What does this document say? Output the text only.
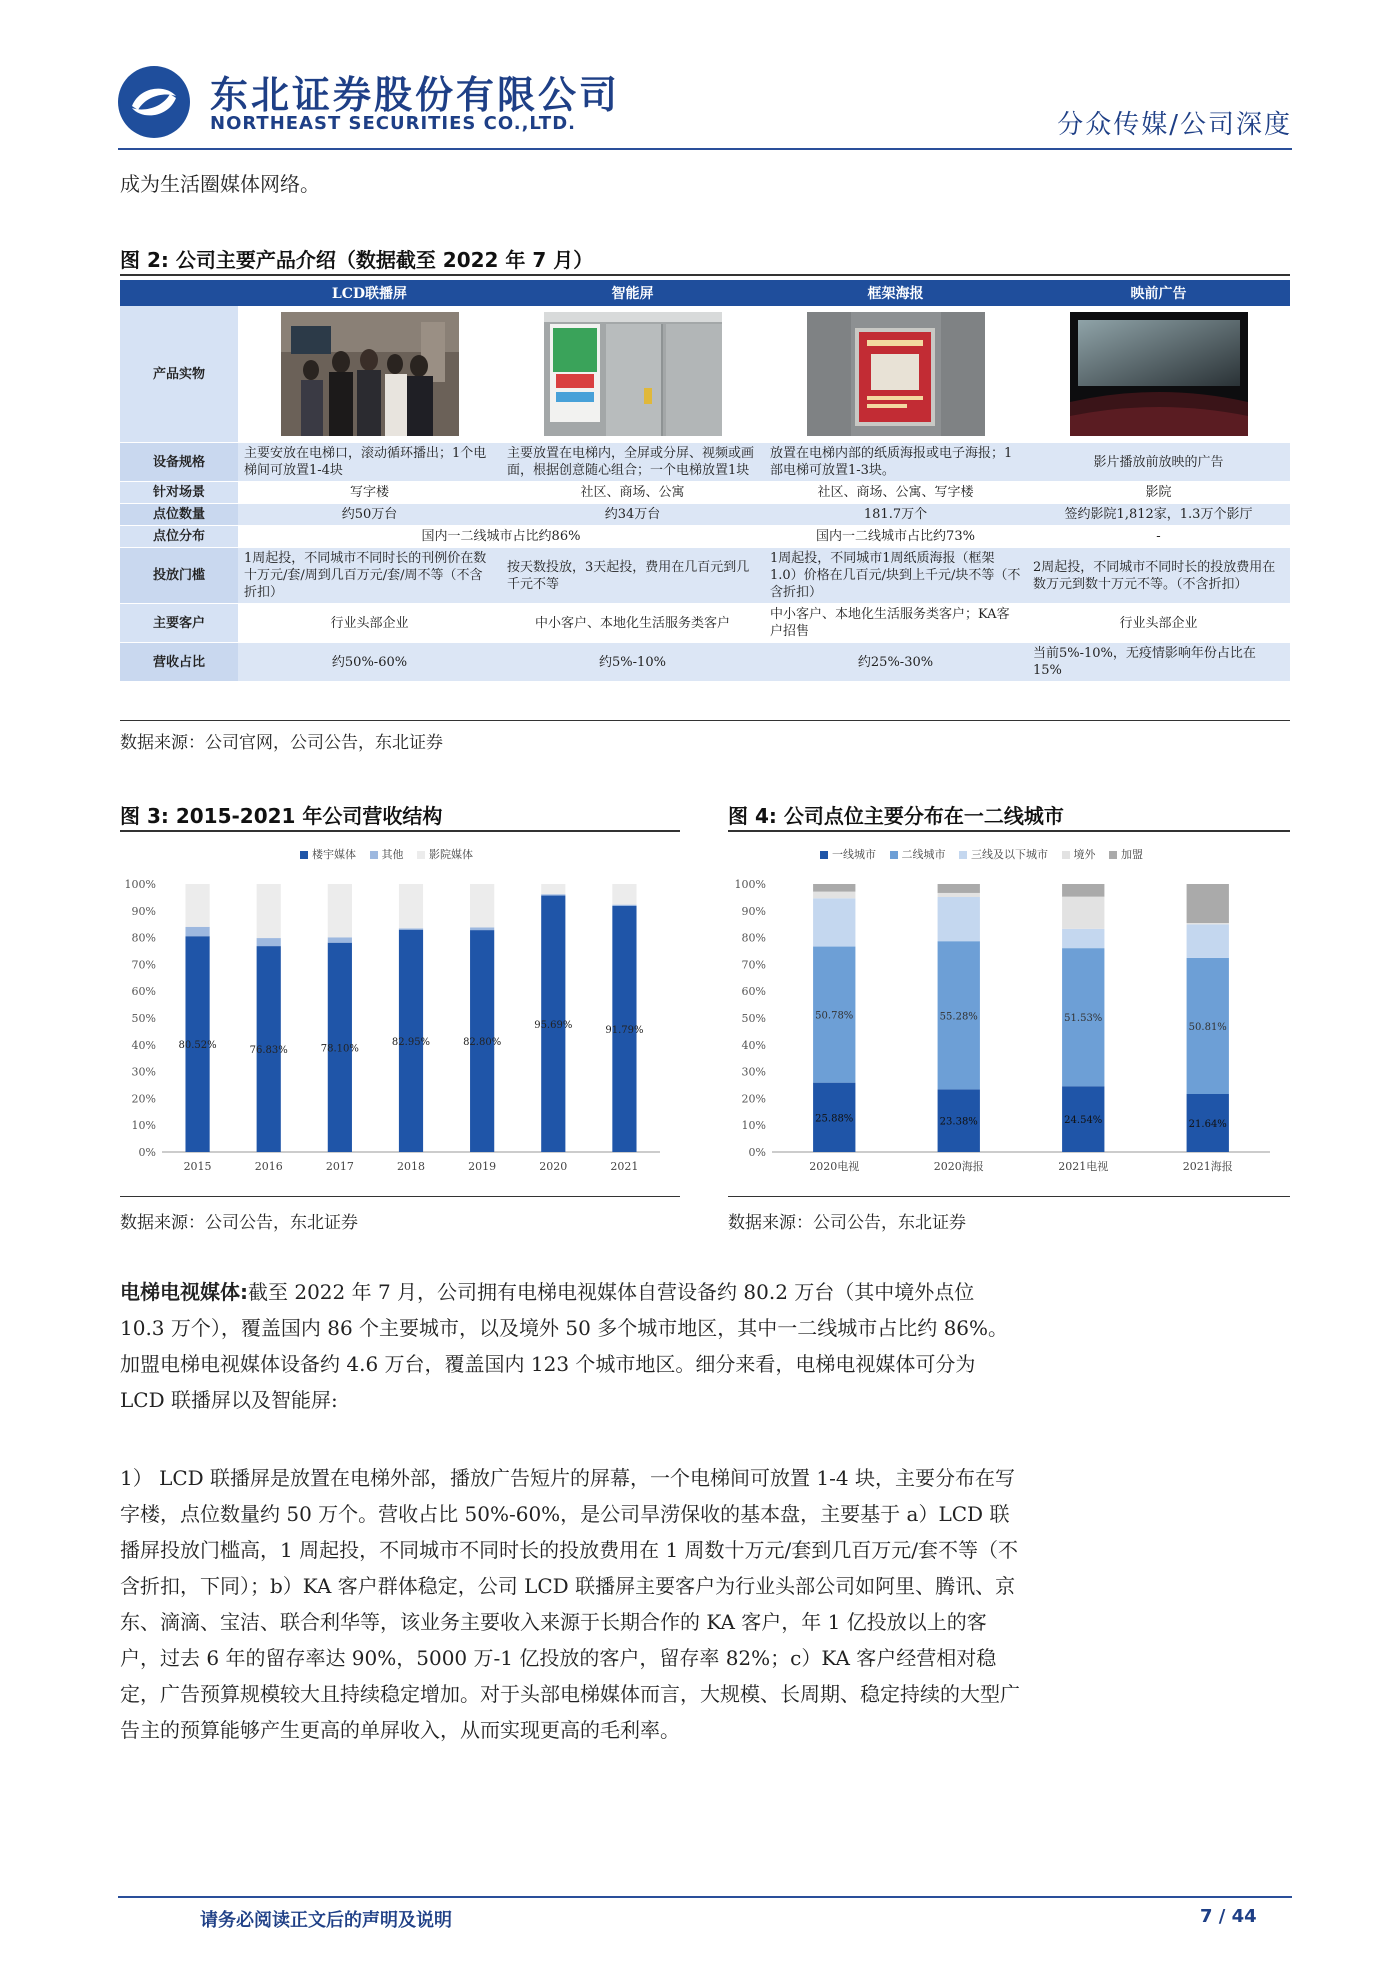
东北证券股份有限公司
NORTHEAST SECURITIES CO.,LTD.	分众传媒/公司深度
成为生活圈媒体网络。
图 2: 公司主要产品介绍（数据截至 2022 年 7 月）
	LCD联播屏	智能屏	框架海报	映前广告
产品实物	

设备规格	主要安放在电梯口，滚动循环播出；1个电梯间可放置1-4块	主要放置在电梯内，全屏或分屏、视频或画面，根据创意随心组合；一个电梯放置1块	放置在电梯内部的纸质海报或电子海报；1部电梯可放置1-3块。	影片播放前放映的广告
针对场景	写字楼	社区、商场、公寓	社区、商场、公寓、写字楼	影院
点位数量	约50万台	约34万台	181.7万个	签约影院1,812家，1.3万个影厅
点位分布	国内一二线城市占比约86%		国内一二线城市占比约73%	-
投放门槛	1周起投，不同城市不同时长的刊例价在数十万元/套/周到几百万元/套/周不等（不含折扣）	按天数投放，3天起投，费用在几百元到几千元不等	1周起投，不同城市1周纸质海报（框架1.0）价格在几百元/块到上千元/块不等（不含折扣）	2周起投，不同城市不同时长的投放费用在数万元到数十万元不等。（不含折扣）
主要客户	行业头部企业	中小客户、本地化生活服务类客户	中小客户、本地化生活服务类客户；KA客户招售	行业头部企业
营收占比	约50%-60%	约5%-10%	约25%-30%	当前5%-10%，无疫情影响年份占比在15%
数据来源：公司官网，公司公告，东北证券
图 3: 2015-2021 年公司营收结构
楼宇媒体 其他 影院媒体
0%
10%
20%
30%
40%
50%
60%
70%
80%
90%
100%
2015
80.52%
2016
76.83%
2017
78.10%
2018
82.95%
2019
82.80%
2020
95.69%
2021
91.79%
数据来源：公司公告，东北证券
图 4: 公司点位主要分布在一二线城市
一线城市 二线城市 三线及以下城市 境外 加盟
0%
10%
20%
30%
40%
50%
60%
70%
80%
90%
100%
2020电视
25.88%
50.78%
2020海报
23.38%
55.28%
2021电视
24.54%
51.53%
2021海报
21.64%
50.81%
数据来源：公司公告，东北证券
电梯电视媒体:截至 2022 年 7 月，公司拥有电梯电视媒体自营设备约 80.2 万台（其中境外点位 10.3 万个），覆盖国内 86 个主要城市，以及境外 50 多个城市地区，其中一二线城市占比约 86%。加盟电梯电视媒体设备约 4.6 万台，覆盖国内 123 个城市地区。细分来看，电梯电视媒体可分为 LCD 联播屏以及智能屏:
1） LCD 联播屏是放置在电梯外部，播放广告短片的屏幕，一个电梯间可放置 1-4 块，主要分布在写字楼，点位数量约 50 万个。营收占比 50%-60%，是公司旱涝保收的基本盘，主要基于 a）LCD 联播屏投放门槛高，1 周起投，不同城市不同时长的投放费用在 1 周数十万元/套到几百万元/套不等（不含折扣，下同）；b）KA 客户群体稳定，公司 LCD 联播屏主要客户为行业头部公司如阿里、腾讯、京东、滴滴、宝洁、联合利华等，该业务主要收入来源于长期合作的 KA 客户，年 1 亿投放以上的客户，过去 6 年的留存率达 90%，5000 万-1 亿投放的客户，留存率 82%；c）KA 客户经营相对稳定，广告预算规模较大且持续稳定增加。对于头部电梯媒体而言，大规模、长周期、稳定持续的大型广告主的预算能够产生更高的单屏收入，从而实现更高的毛利率。
请务必阅读正文后的声明及说明	7 / 44
